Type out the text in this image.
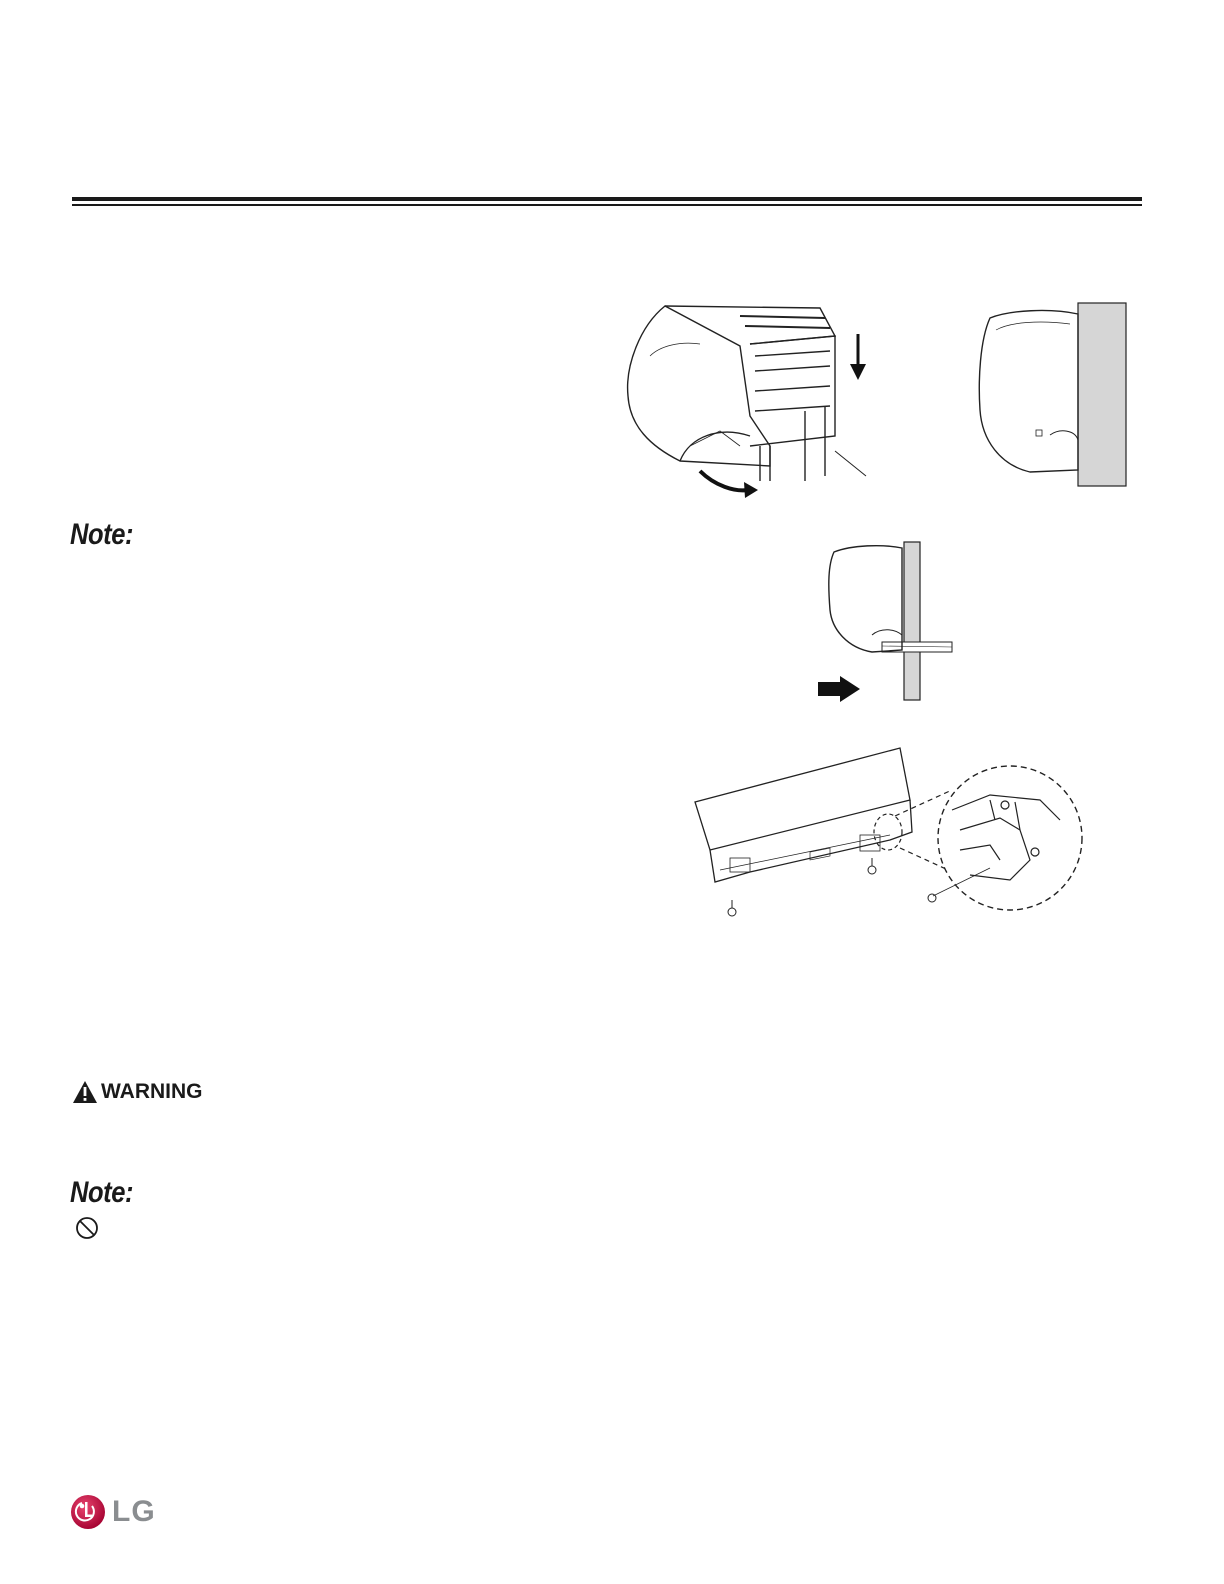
Note:
WARNING
Note:
LG
